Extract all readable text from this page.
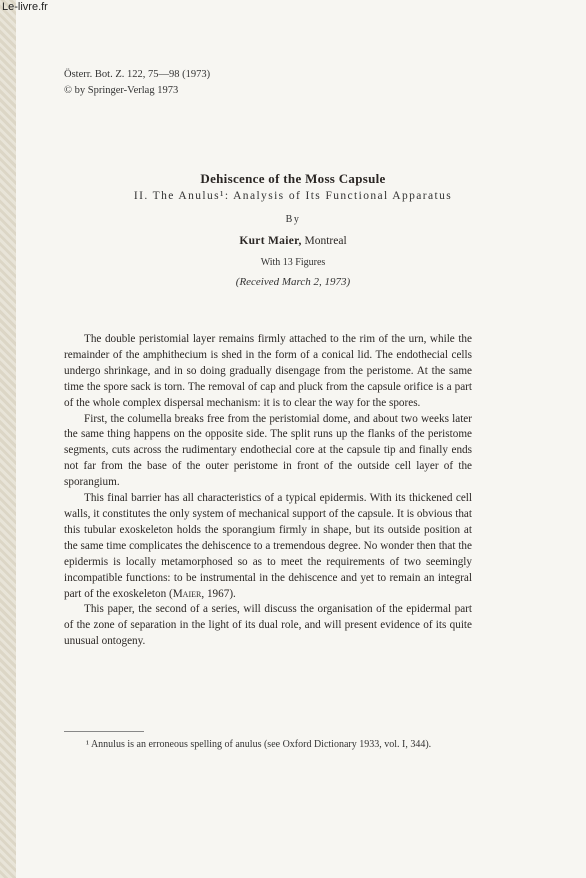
Le-livre.fr
Österr. Bot. Z. 122, 75—98 (1973)
© by Springer-Verlag 1973
Dehiscence of the Moss Capsule
II. The Anulus¹: Analysis of Its Functional Apparatus
By
Kurt Maier, Montreal
With 13 Figures
(Received March 2, 1973)

The double peristomial layer remains firmly attached to the rim of the urn, while the remainder of the amphithecium is shed in the form of a conical lid. The endothecial cells undergo shrinkage, and in so doing gradually disengage from the peristome. At the same time the spore sack is torn. The removal of cap and pluck from the capsule orifice is a part of the whole complex dispersal mechanism: it is to clear the way for the spores.

First, the columella breaks free from the peristomial dome, and about two weeks later the same thing happens on the opposite side. The split runs up the flanks of the peristome segments, cuts across the rudimentary endothecial core at the capsule tip and finally ends not far from the base of the outer peristome in front of the outside cell layer of the sporangium.

This final barrier has all characteristics of a typical epidermis. With its thickened cell walls, it constitutes the only system of mechanical support of the capsule. It is obvious that this tubular exoskeleton holds the sporangium firmly in shape, but its outside position at the same time complicates the dehiscence to a tremendous degree. No wonder then that the epidermis is locally metamorphosed so as to meet the requirements of two seemingly incompatible functions: to be instrumental in the dehiscence and yet to remain an integral part of the exoskeleton (Maier, 1967).

This paper, the second of a series, will discuss the organisation of the epidermal part of the zone of separation in the light of its dual role, and will present evidence of its quite unusual ontogeny.

¹ Annulus is an erroneous spelling of anulus (see Oxford Dictionary 1933, vol. I, 344).
